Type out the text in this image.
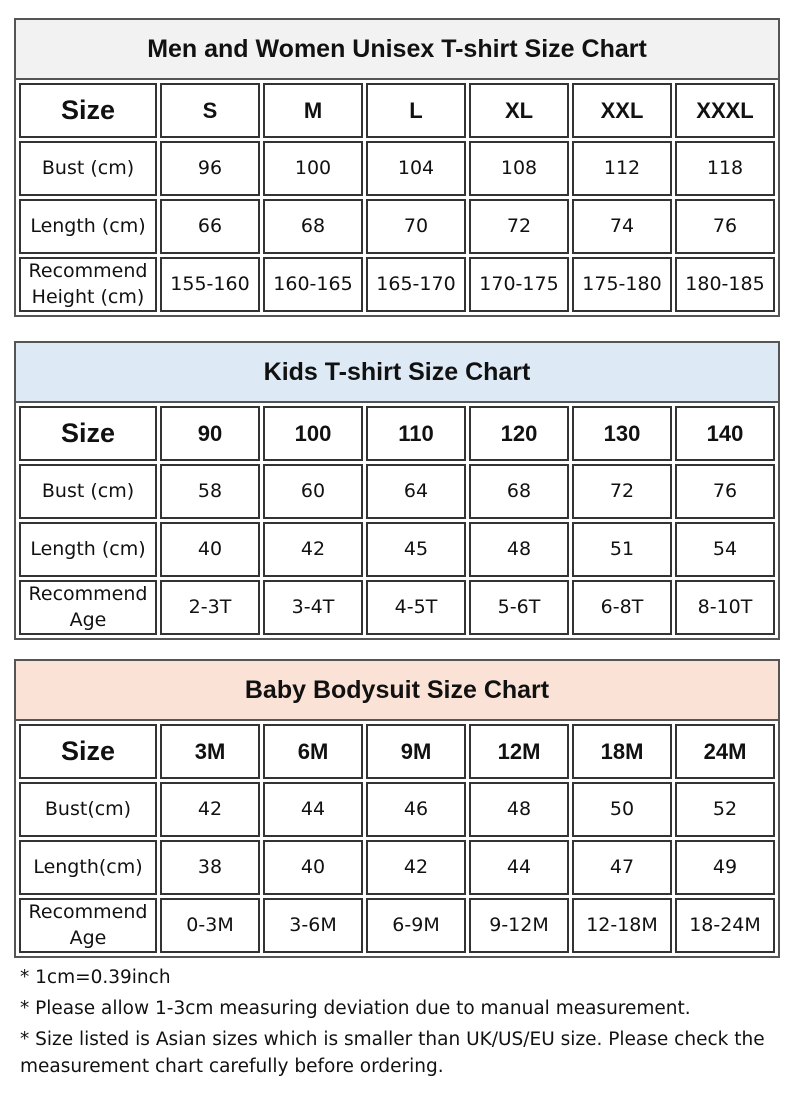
Men and Women Unisex T-shirt Size Chart
Size	S	M	L	XL	XXL	XXXL
Bust (cm)	96	100	104	108	112	118
Length (cm)	66	68	70	72	74	76
Recommend Height (cm)	155-160	160-165	165-170	170-175	175-180	180-185
Kids T-shirt Size Chart
Size	90	100	110	120	130	140
Bust (cm)	58	60	64	68	72	76
Length (cm)	40	42	45	48	51	54
Recommend Age	2-3T	3-4T	4-5T	5-6T	6-8T	8-10T
Baby Bodysuit Size Chart
Size	3M	6M	9M	12M	18M	24M
Bust(cm)	42	44	46	48	50	52
Length(cm)	38	40	42	44	47	49
Recommend Age	0-3M	3-6M	6-9M	9-12M	12-18M	18-24M

* 1cm=0.39inch

* Please allow 1-3cm measuring deviation due to manual measurement.

* Size listed is Asian sizes which is smaller than UK/US/EU size. Please check the measurement chart carefully before ordering.
